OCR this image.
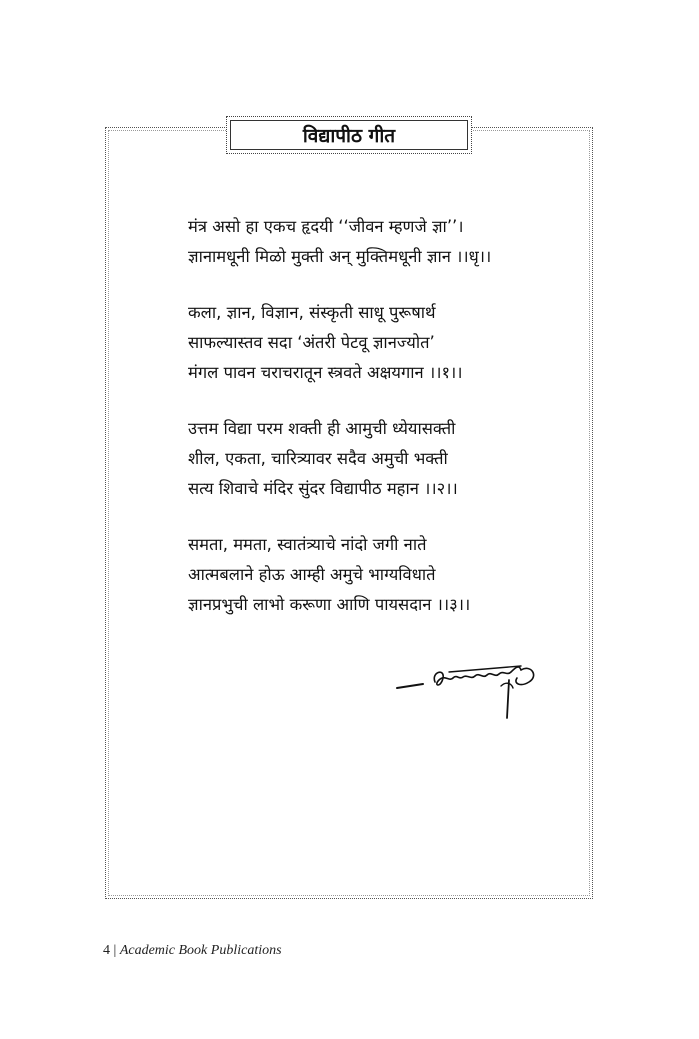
विद्यापीठ गीत
मंत्र असो हा एकच हृदयी ‘‘जीवन म्हणजे ज्ञा’’।
ज्ञानामधूनी मिळो मुक्ती अन् मुक्तिमधूनी ज्ञान ।।धृ।।
कला, ज्ञान, विज्ञान, संस्कृती साधू पुरूषार्थ
साफल्यास्तव सदा ‘अंतरी पेटवू ज्ञानज्योत’
मंगल पावन चराचरातून स्त्रवते अक्षयगान ।।१।।
उत्तम विद्या परम शक्ती ही आमुची ध्येयासक्ती
शील, एकता, चारित्र्यावर सदैव अमुची भक्ती
सत्य शिवाचे मंदिर सुंदर विद्यापीठ महान ।।२।।
समता, ममता, स्वातंत्र्याचे नांदो जगी नाते
आत्मबलाने होऊ आम्ही अमुचे भाग्यविधाते
ज्ञानप्रभुची लाभो करूणा आणि पायसदान ।।३।।
4 | Academic Book Publications
